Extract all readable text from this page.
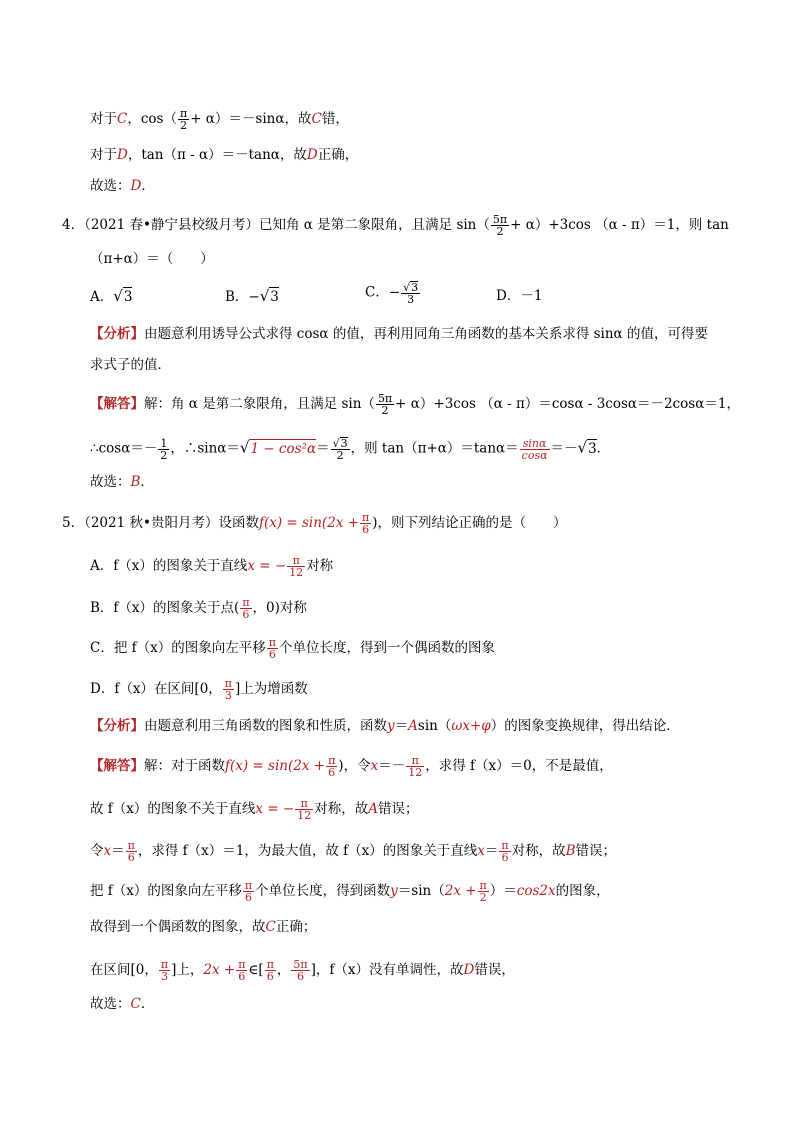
对于C，$\cos( \frac{\pi}{2} + \alpha)=-\sin\alpha$，故C错，
对于D，tan（π - α）＝－tanα，故D正确，
故选：D．
4．（2021 春•静宁县校级月考）已知角 α 是第二象限角，且满足 $\sin( \frac{5\pi}{2} + \alpha)+3\cos$ （α - π）＝1，则 tan
（π+α）＝（　　）
A．√3	B．−√3	C．− $\frac{√3}{3}$	D．－1
【分析】由题意利用诱导公式求得 cosα 的值，再利用同角三角函数的基本关系求得 sinα 的值，可得要
求式子的值．
【解答】解：角 α 是第二象限角，且满足 $\sin( \frac{5\pi}{2} + \alpha)+3\cos$ （α - π）＝cosα - 3cosα＝－2cosα＝1，
∴cosα＝－ $\frac{1}{2}$ ，∴sinα＝√1 − $\cos^2\alpha= \frac{√3}{2}$ ，则 $\tan(\pi+\alpha)=\tan\alpha= \frac{\sin\alpha}{\cos\alpha} =-√3$．
故选：B．
5．（2021 秋•贵阳月考）设函数$f(x) = \sin(2x + \frac{\pi}{6}$ )，则下列结论正确的是（　　）
A．f（x）的图象关于直线x = − $\frac{\pi}{12}$ 对称
B．f（x）的图象关于点( $\frac{\pi}{6}$ ，0)对称
C．把 f（x）的图象向左平移 $\frac{\pi}{6}$ 个单位长度，得到一个偶函数的图象
D．f（x）在区间[0， $\frac{\pi}{3}$ ]上为增函数
【分析】由题意利用三角函数的图象和性质，函数y＝Asin（ωx+φ）的图象变换规律，得出结论．
【解答】解：对于函数$f(x) = \sin(2x + \frac{\pi}{6}$ )，令$x=- \frac{\pi}{12}$ ，求得 f（x）＝0，不是最值，
故 f（x）的图象不关于直线x = − $\frac{\pi}{12}$ 对称，故A错误；
令$x= \frac{\pi}{6}$ ，求得 f（x）＝1，为最大值，故 f（x）的图象关于直线$x= \frac{\pi}{6}$ 对称，故B错误；
把 f（x）的图象向左平移 $\frac{\pi}{6}$ 个单位长度，得到函数$y=\sin(2x + \frac{\pi}{2} )=\cos 2x$的图象，
故得到一个偶函数的图象，故C正确；
在区间[0， $\frac{\pi}{3}$ ]上，$2x + \frac{\pi}{6}$ ∈[ $\frac{\pi}{6}$ ， $\frac{5\pi}{6}$ ]，f（x）没有单调性，故D错误，
故选：C．
